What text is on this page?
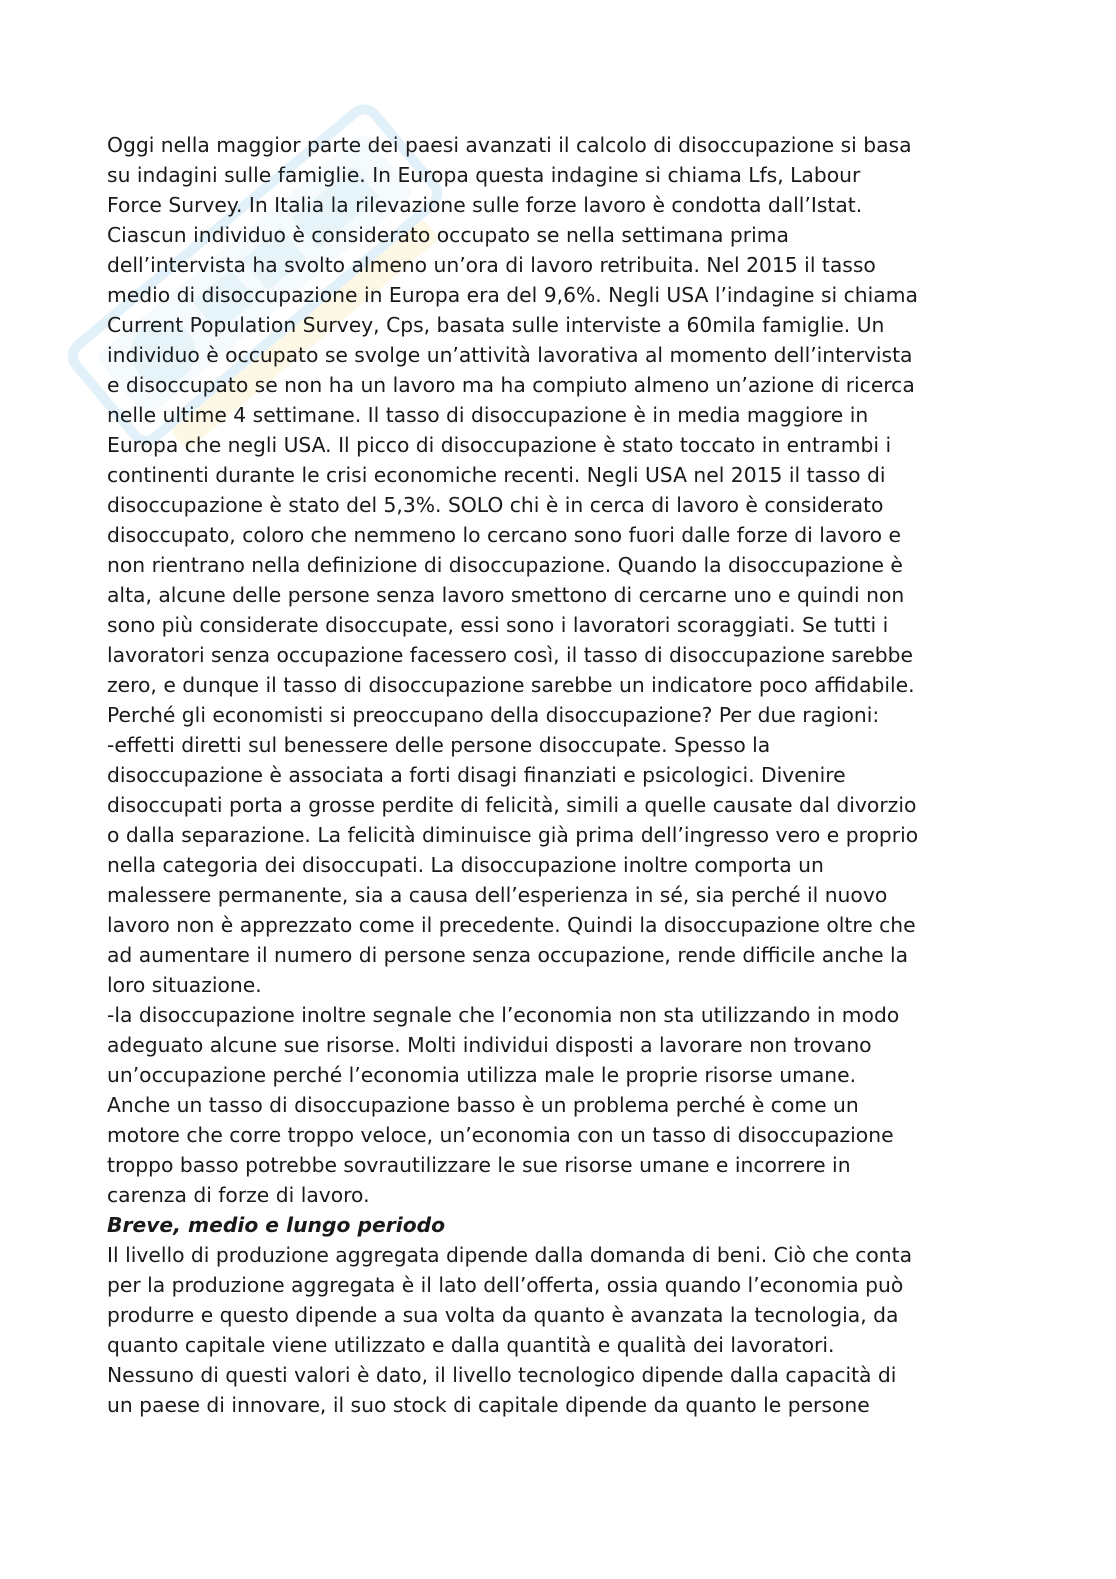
Oggi nella maggior parte dei paesi avanzati il calcolo di disoccupazione si basa
su indagini sulle famiglie. In Europa questa indagine si chiama Lfs, Labour
Force Survey. In Italia la rilevazione sulle forze lavoro è condotta dall’Istat.
Ciascun individuo è considerato occupato se nella settimana prima
dell’intervista ha svolto almeno un’ora di lavoro retribuita. Nel 2015 il tasso
medio di disoccupazione in Europa era del 9,6%. Negli USA l’indagine si chiama
Current Population Survey, Cps, basata sulle interviste a 60mila famiglie. Un
individuo è occupato se svolge un’attività lavorativa al momento dell’intervista
e disoccupato se non ha un lavoro ma ha compiuto almeno un’azione di ricerca
nelle ultime 4 settimane. Il tasso di disoccupazione è in media maggiore in
Europa che negli USA. Il picco di disoccupazione è stato toccato in entrambi i
continenti durante le crisi economiche recenti. Negli USA nel 2015 il tasso di
disoccupazione è stato del 5,3%. SOLO chi è in cerca di lavoro è considerato
disoccupato, coloro che nemmeno lo cercano sono fuori dalle forze di lavoro e
non rientrano nella definizione di disoccupazione. Quando la disoccupazione è
alta, alcune delle persone senza lavoro smettono di cercarne uno e quindi non
sono più considerate disoccupate, essi sono i lavoratori scoraggiati. Se tutti i
lavoratori senza occupazione facessero così, il tasso di disoccupazione sarebbe
zero, e dunque il tasso di disoccupazione sarebbe un indicatore poco affidabile.
Perché gli economisti si preoccupano della disoccupazione? Per due ragioni:
-effetti diretti sul benessere delle persone disoccupate. Spesso la
disoccupazione è associata a forti disagi finanziati e psicologici. Divenire
disoccupati porta a grosse perdite di felicità, simili a quelle causate dal divorzio
o dalla separazione. La felicità diminuisce già prima dell’ingresso vero e proprio
nella categoria dei disoccupati. La disoccupazione inoltre comporta un
malessere permanente, sia a causa dell’esperienza in sé, sia perché il nuovo
lavoro non è apprezzato come il precedente. Quindi la disoccupazione oltre che
ad aumentare il numero di persone senza occupazione, rende difficile anche la
loro situazione.
-la disoccupazione inoltre segnale che l’economia non sta utilizzando in modo
adeguato alcune sue risorse. Molti individui disposti a lavorare non trovano
un’occupazione perché l’economia utilizza male le proprie risorse umane.
Anche un tasso di disoccupazione basso è un problema perché è come un
motore che corre troppo veloce, un’economia con un tasso di disoccupazione
troppo basso potrebbe sovrautilizzare le sue risorse umane e incorrere in
carenza di forze di lavoro.
Breve, medio e lungo periodo
Il livello di produzione aggregata dipende dalla domanda di beni. Ciò che conta
per la produzione aggregata è il lato dell’offerta, ossia quando l’economia può
produrre e questo dipende a sua volta da quanto è avanzata la tecnologia, da
quanto capitale viene utilizzato e dalla quantità e qualità dei lavoratori.
Nessuno di questi valori è dato, il livello tecnologico dipende dalla capacità di
un paese di innovare, il suo stock di capitale dipende da quanto le persone
